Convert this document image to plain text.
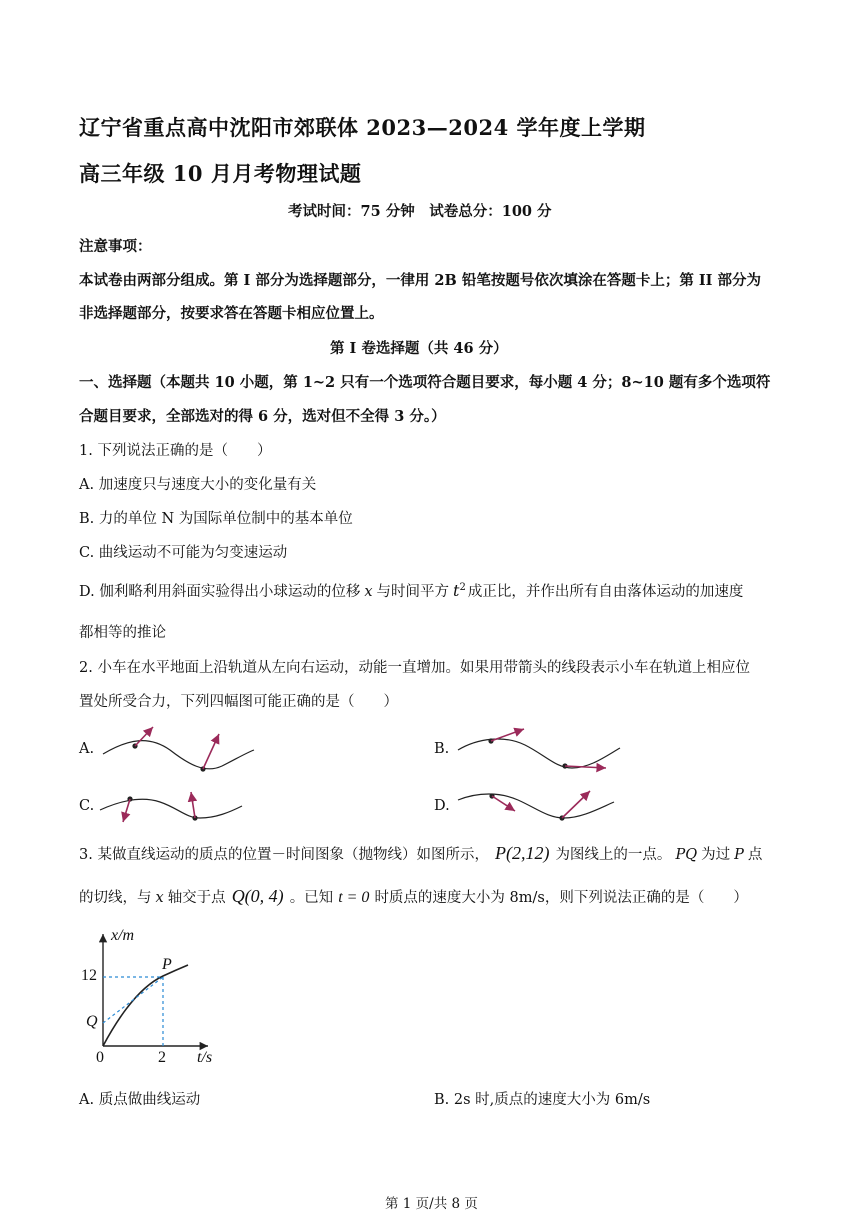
辽宁省重点高中沈阳市郊联体 2023—2024 学年度上学期
高三年级 10 月月考物理试题
考试时间：75 分钟　试卷总分：100 分
注意事项：
本试卷由两部分组成。第 I 部分为选择题部分，一律用 2B 铅笔按题号依次填涂在答题卡上；第 II 部分为
非选择题部分，按要求答在答题卡相应位置上。
第 I 卷选择题（共 46 分）
一、选择题（本题共 10 小题，第 1~2 只有一个选项符合题目要求，每小题 4 分；8~10 题有多个选项符
合题目要求，全部选对的得 6 分，选对但不全得 3 分。）
1. 下列说法正确的是（　　）
A. 加速度只与速度大小的变化量有关
B. 力的单位 N 为国际单位制中的基本单位
C. 曲线运动不可能为匀变速运动
D. 伽利略利用斜面实验得出小球运动的位移 x 与时间平方 $t^2$ 成正比，并作出所有自由落体运动的加速度
都相等的推论
2. 小车在水平地面上沿轨道从左向右运动，动能一直增加。如果用带箭头的线段表示小车在轨道上相应位
置处所受合力，下列四幅图可能正确的是（　　）
A.	B.
C.	D.
3. 某做直线运动的质点的位置－时间图象（抛物线）如图所示， P(2,12) 为图线上的一点。 PQ 为过 P 点
的切线，与 x 轴交于点 Q(0, 4) 。已知 t = 0 时质点的速度大小为 8m/s，则下列说法正确的是（　　）
x/m
12
Q
P
0	2 t/s
A. 质点做曲线运动	B. 2s 时,质点的速度大小为 6m/s
第 1 页/共 8 页
